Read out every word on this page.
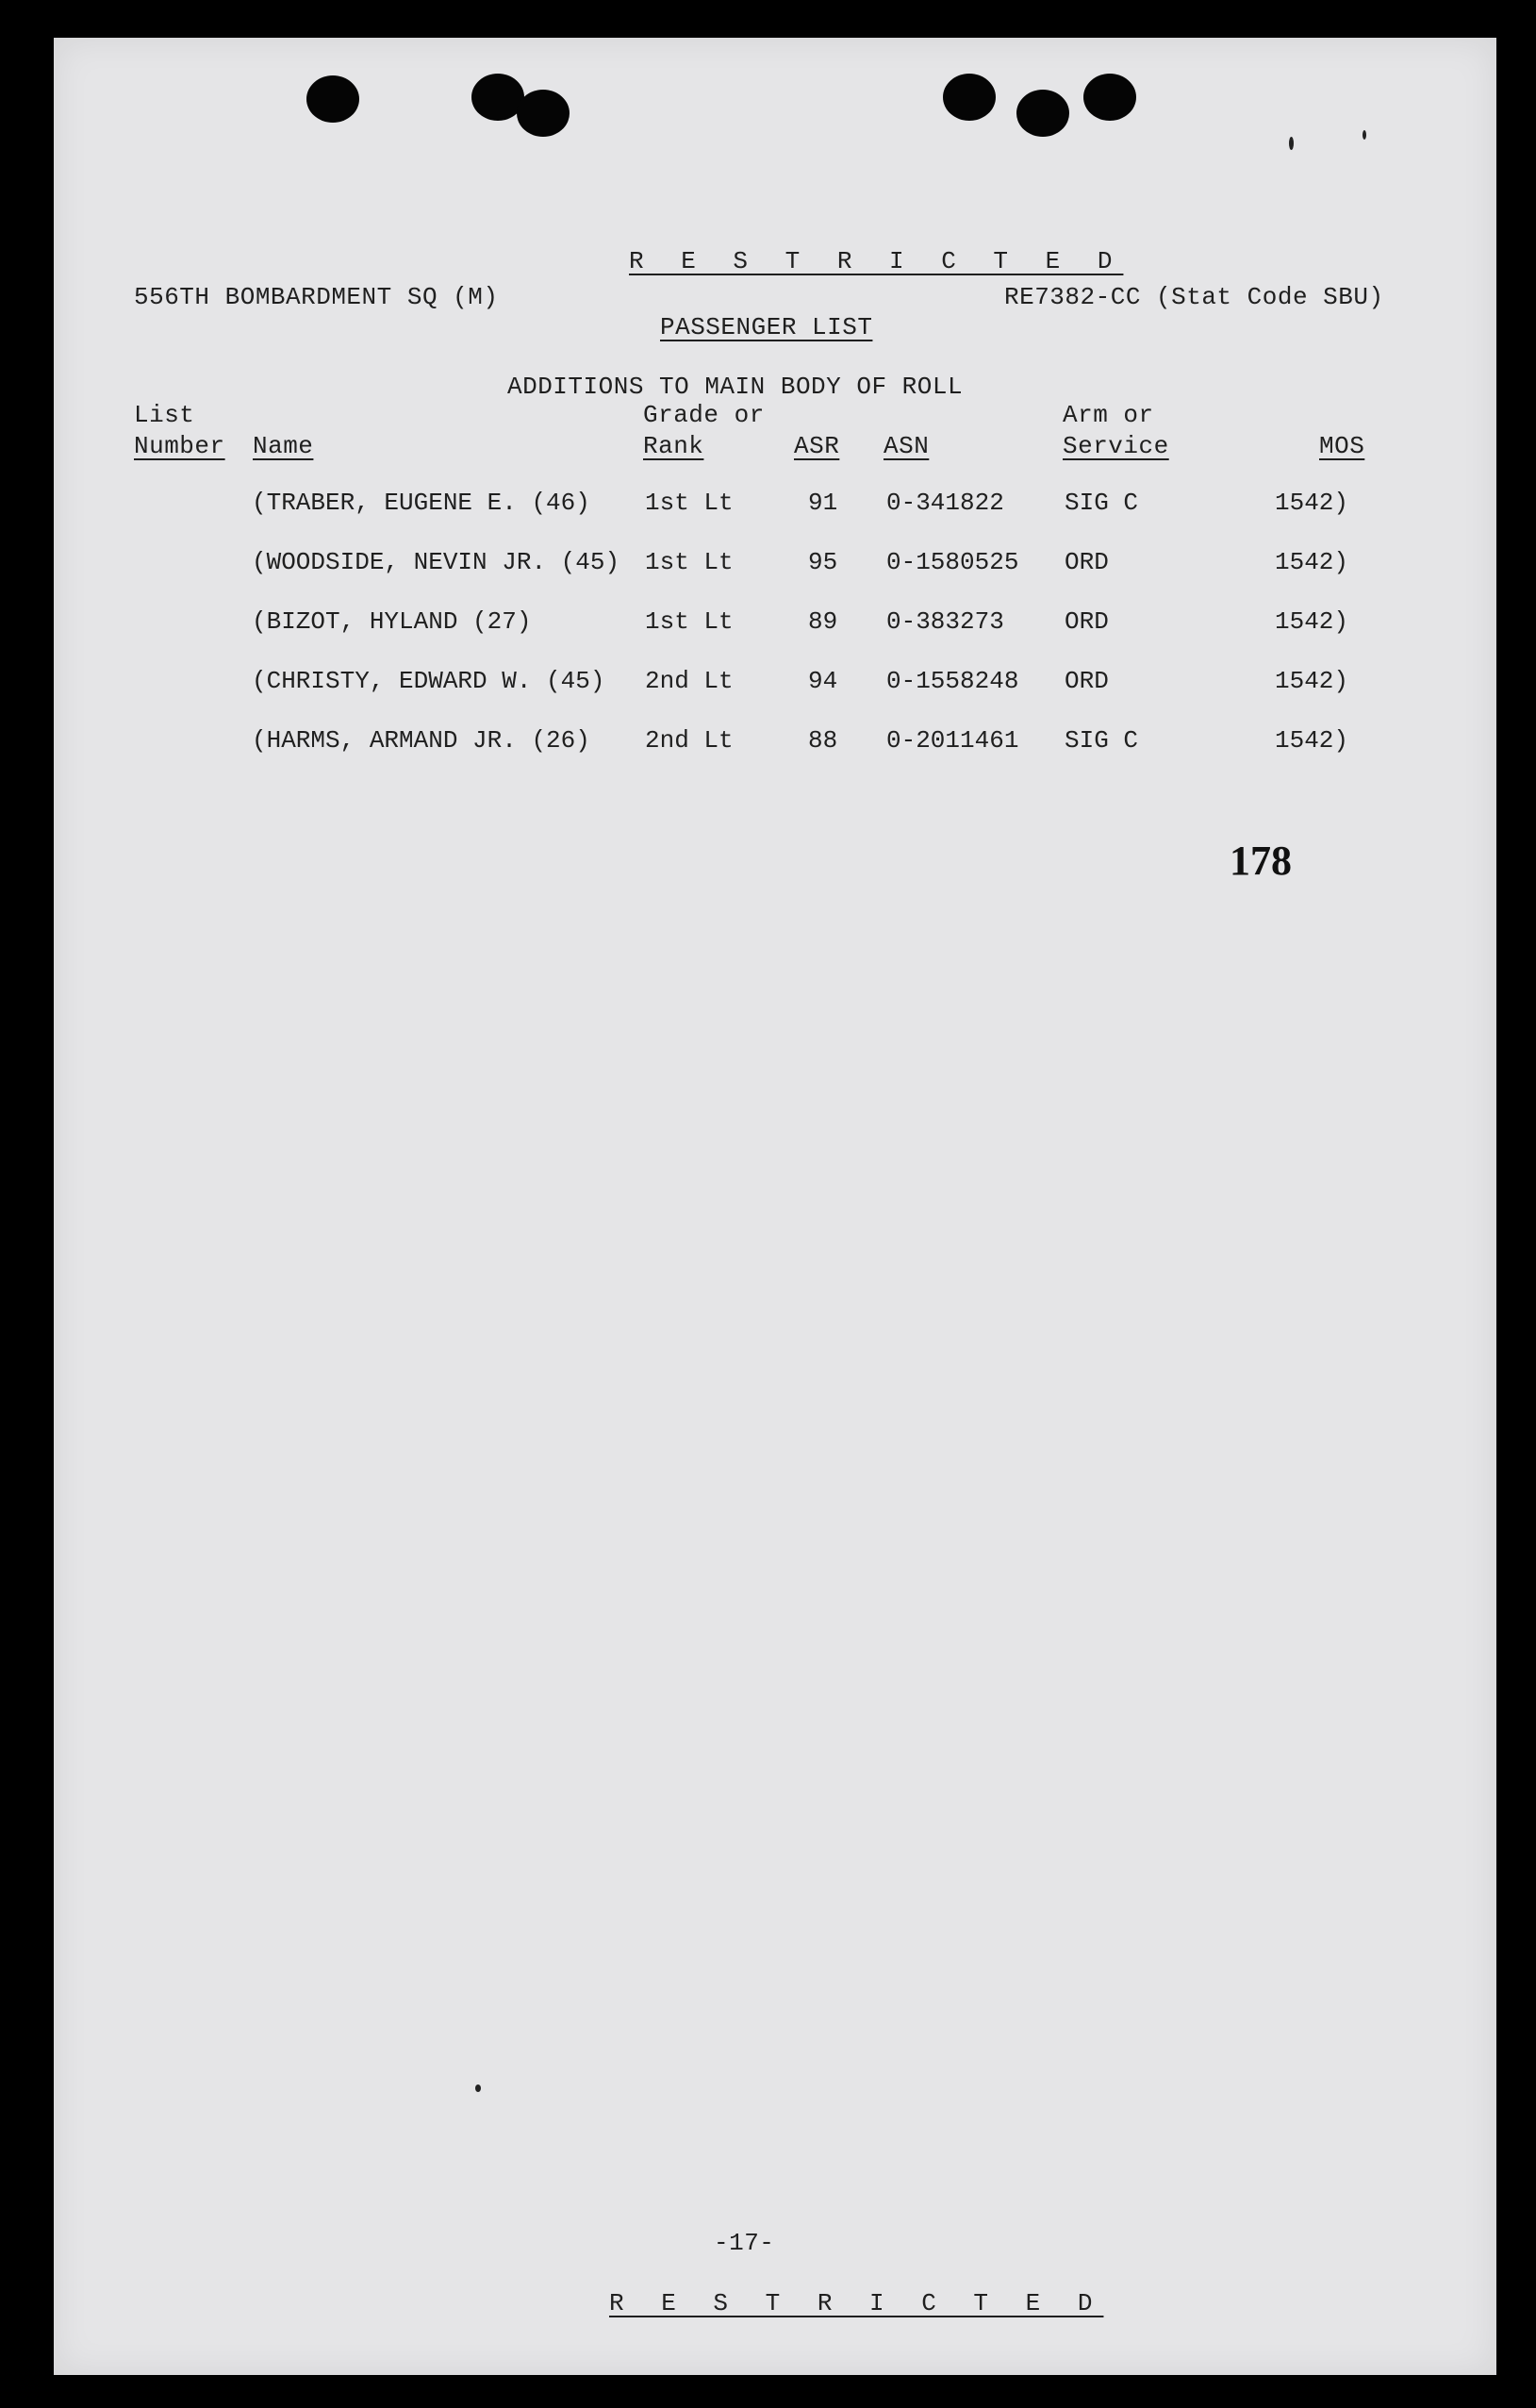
R E S T R I C T E D
556TH BOMBARDMENT SQ (M)	RE7382-CC (Stat Code SBU)
PASSENGER LIST
ADDITIONS TO MAIN BODY OF ROLL
List
Number Name
Grade or
Rank	ASR ASN
Arm or
Service	MOS
(TRABER, EUGENE E. (46) 1st Lt	91 0-341822 SIG C	1542)
(WOODSIDE, NEVIN JR. (45) 1st Lt	95 0-1580525 ORD	1542)
(BIZOT, HYLAND (27)	1st Lt	89 0-383273 ORD	1542)
(CHRISTY, EDWARD W. (45) 2nd Lt	94 0-1558248 ORD	1542)
(HARMS, ARMAND JR. (26) 2nd Lt	88 0-2011461 SIG C	1542)
178
-17-
R E S T R I C T E D
